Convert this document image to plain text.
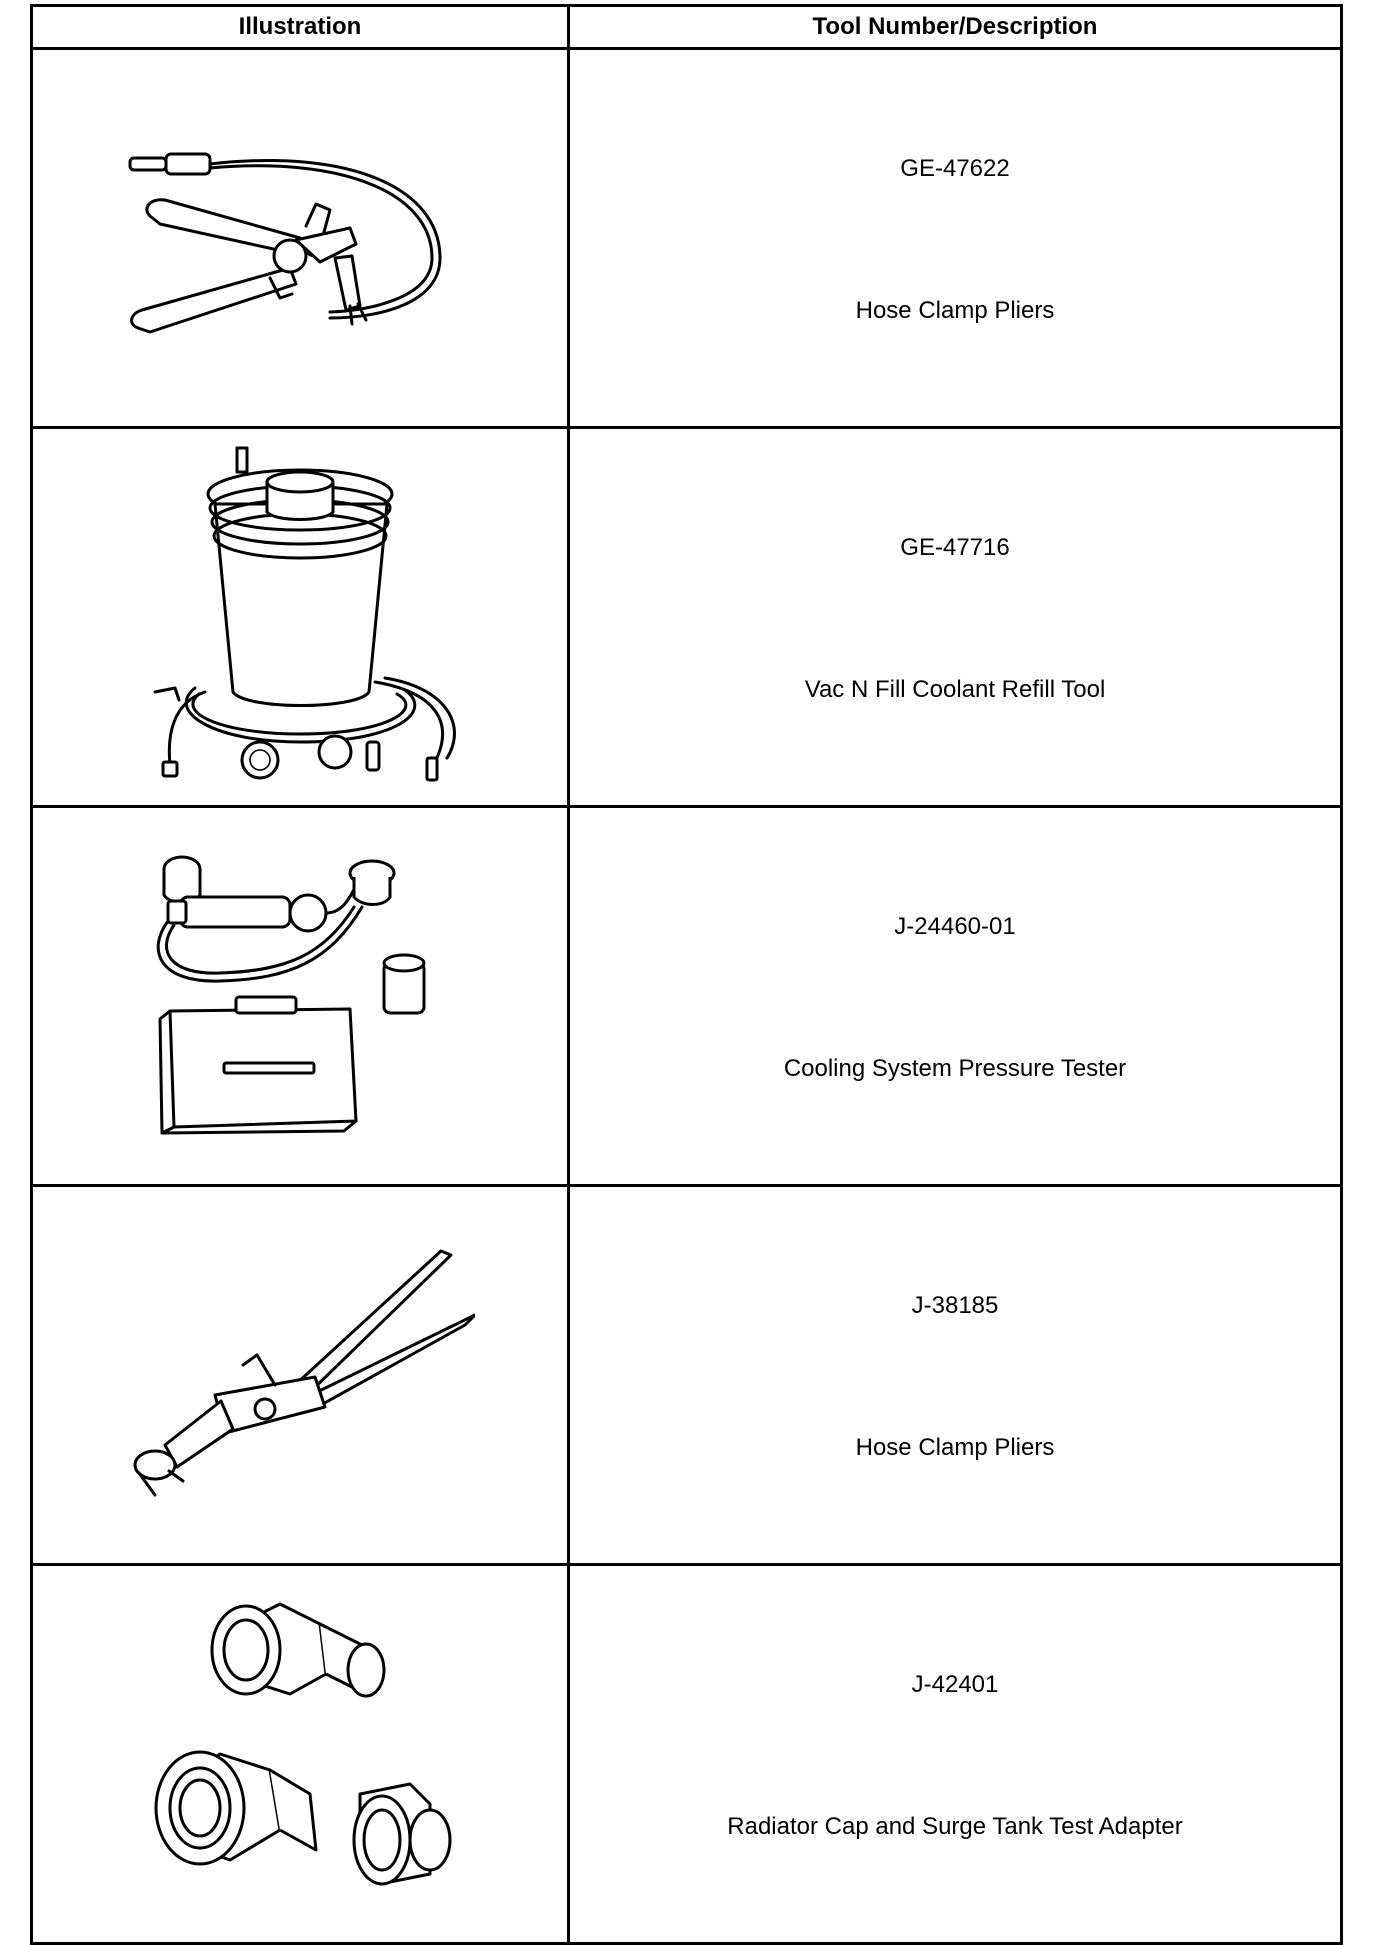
Illustration	Tool Number/Description

GE-47622
Hose Clamp Pliers

GE-47716
Vac N Fill Coolant Refill Tool

J-24460-01
Cooling System Pressure Tester

J-38185
Hose Clamp Pliers

J-42401
Radiator Cap and Surge Tank Test Adapter
